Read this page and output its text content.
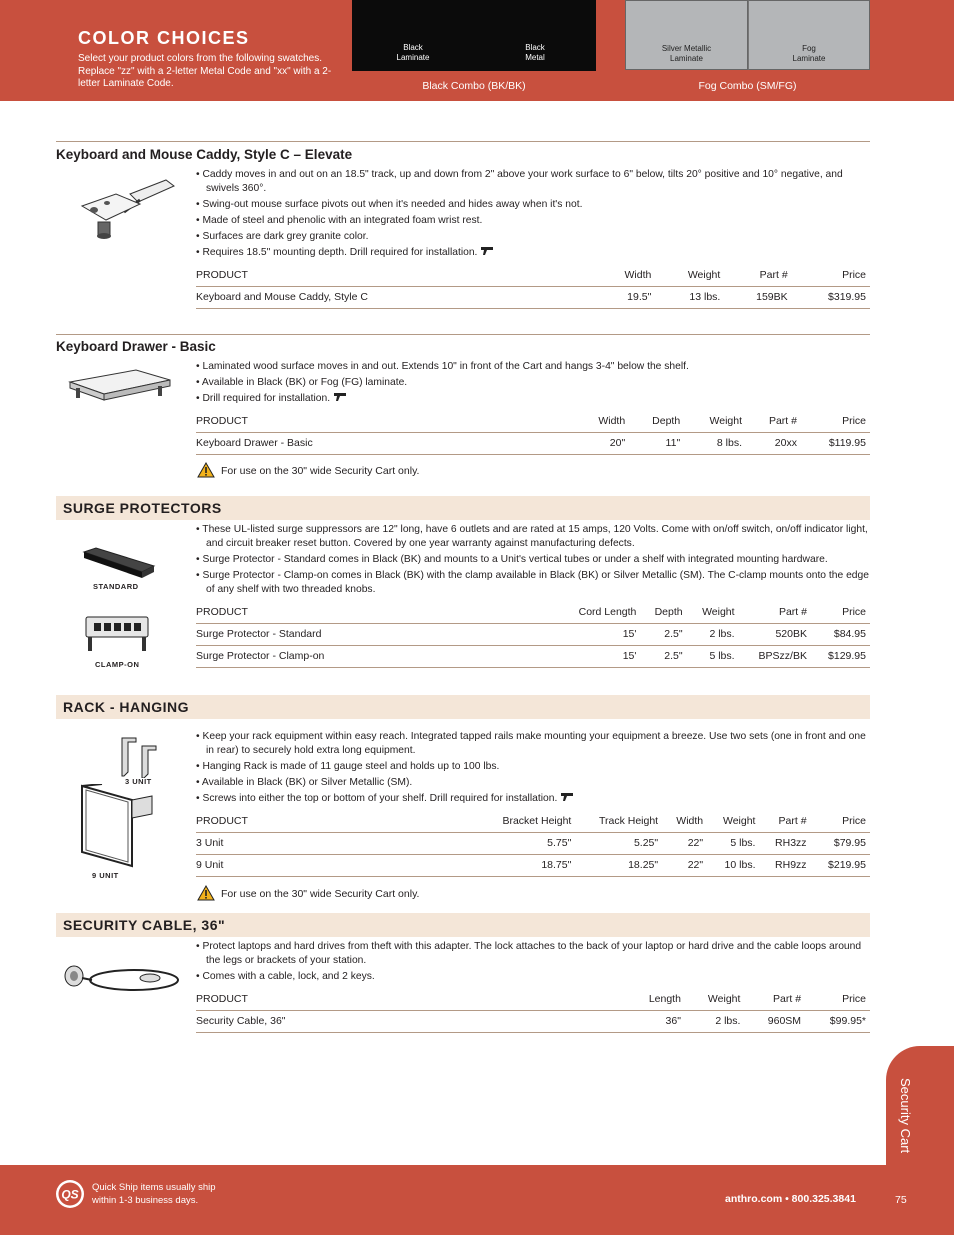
COLOR CHOICES
Select your product colors from the following swatches. Replace "zz" with a 2-letter Metal Code and "xx" with a 2-letter Laminate Code.
Black
Laminate
Black
Metal
Silver Metallic
Laminate
Fog
Laminate
Black Combo (BK/BK)	Fog Combo (SM/FG)
Keyboard and Mouse Caddy, Style C – Elevate
• Caddy moves in and out on an 18.5" track, up and down from 2" above your work surface to 6" below, tilts 20° positive and 10° negative, and swivels 360°.
• Swing-out mouse surface pivots out when it's needed and hides away when it's not.
• Made of steel and phenolic with an integrated foam wrist rest.
• Surfaces are dark grey granite color.
• Requires 18.5" mounting depth. Drill required for installation.
PRODUCT	Width	Weight	Part #	Price
Keyboard and Mouse Caddy, Style C	19.5"	13 lbs.	159BK	$319.95
Keyboard Drawer - Basic
• Laminated wood surface moves in and out. Extends 10" in front of the Cart and hangs 3-4" below the shelf.
• Available in Black (BK) or Fog (FG) laminate.
• Drill required for installation.
PRODUCT	Width	Depth	Weight	Part #	Price
Keyboard Drawer - Basic	20"	11"	8 lbs.	20xx	$119.95
For use on the 30" wide Security Cart only.
SURGE PROTECTORS
STANDARD
CLAMP-ON
• These UL-listed surge suppressors are 12" long, have 6 outlets and are rated at 15 amps, 120 Volts. Come with on/off switch, on/off indicator light, and circuit breaker reset button. Covered by one year warranty against manufacturing defects.
• Surge Protector - Standard comes in Black (BK) and mounts to a Unit's vertical tubes or under a shelf with integrated mounting hardware.
• Surge Protector - Clamp-on comes in Black (BK) with the clamp available in Black (BK) or Silver Metallic (SM). The C-clamp mounts onto the edge of any shelf with two threaded knobs.
PRODUCT	Cord Length	Depth	Weight	Part #	Price
Surge Protector - Standard	15'	2.5"	2 lbs.	520BK	$84.95
Surge Protector - Clamp-on	15'	2.5"	5 lbs.	BPSzz/BK	$129.95
RACK - HANGING
3 UNIT
9 UNIT
• Keep your rack equipment within easy reach. Integrated tapped rails make mounting your equipment a breeze. Use two sets (one in front and one in rear) to securely hold extra long equipment.
• Hanging Rack is made of 11 gauge steel and holds up to 100 lbs.
• Available in Black (BK) or Silver Metallic (SM).
• Screws into either the top or bottom of your shelf. Drill required for installation.
PRODUCT	Bracket Height	Track Height	Width	Weight	Part #	Price
3 Unit	5.75"	5.25"	22"	5 lbs.	RH3zz	$79.95
9 Unit	18.75"	18.25"	22"	10 lbs.	RH9zz	$219.95
For use on the 30" wide Security Cart only.
SECURITY CABLE, 36"
• Protect laptops and hard drives from theft with this adapter. The lock attaches to the back of your laptop or hard drive and the cable loops around the legs or brackets of your station.
• Comes with a cable, lock, and 2 keys.
PRODUCT	Length	Weight	Part #	Price
Security Cable, 36"	36"	2 lbs.	960SM	$99.95*
Security Cart
QS Quick Ship items usually ship
within 1-3 business days.	anthro.com • 800.325.3841	75
